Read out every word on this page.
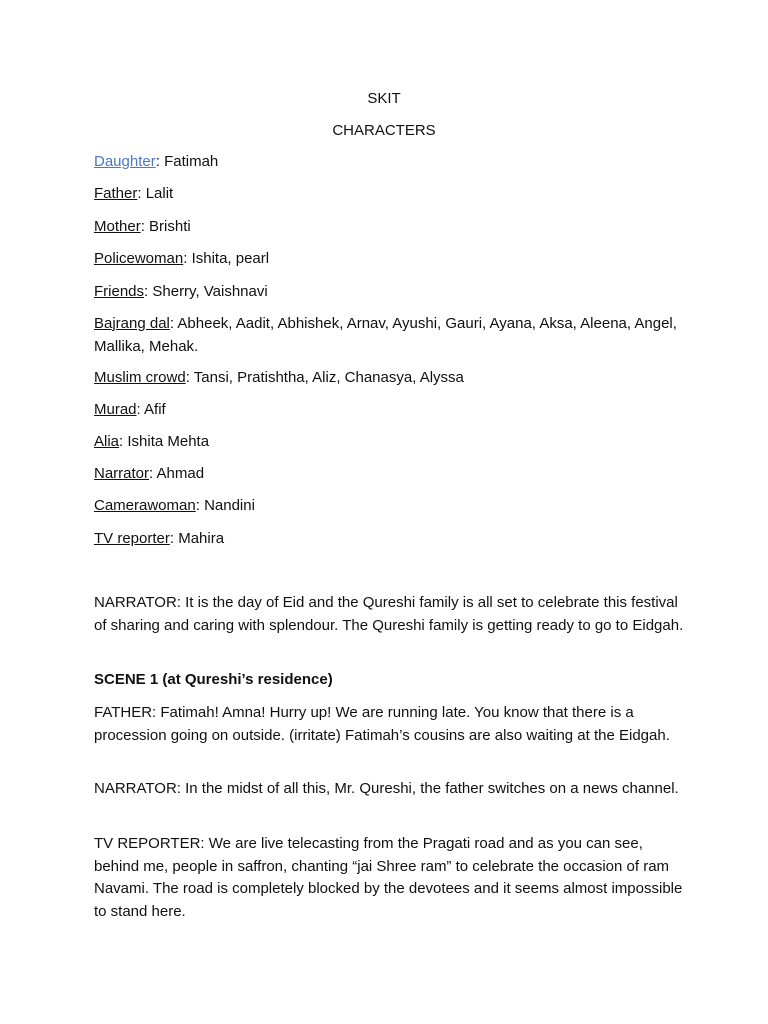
SKIT
CHARACTERS
Daughter: Fatimah
Father: Lalit
Mother: Brishti
Policewoman: Ishita, pearl
Friends: Sherry, Vaishnavi
Bajrang dal: Abheek, Aadit, Abhishek, Arnav, Ayushi, Gauri, Ayana, Aksa, Aleena, Angel, Mallika, Mehak.
Muslim crowd: Tansi, Pratishtha, Aliz, Chanasya, Alyssa
Murad: Afif
Alia: Ishita Mehta
Narrator: Ahmad
Camerawoman: Nandini
TV reporter: Mahira
NARRATOR: It is the day of Eid and the Qureshi family is all set to celebrate this festival of sharing and caring with splendour. The Qureshi family is getting ready to go to Eidgah.
SCENE 1 (at Qureshi’s residence)
FATHER: Fatimah! Amna! Hurry up! We are running late. You know that there is a procession going on outside. (irritate) Fatimah’s cousins are also waiting at the Eidgah.
NARRATOR: In the midst of all this, Mr. Qureshi, the father switches on a news channel.
TV REPORTER: We are live telecasting from the Pragati road and as you can see, behind me, people in saffron, chanting “jai Shree ram” to celebrate the occasion of ram Navami. The road is completely blocked by the devotees and it seems almost impossible to stand here.
